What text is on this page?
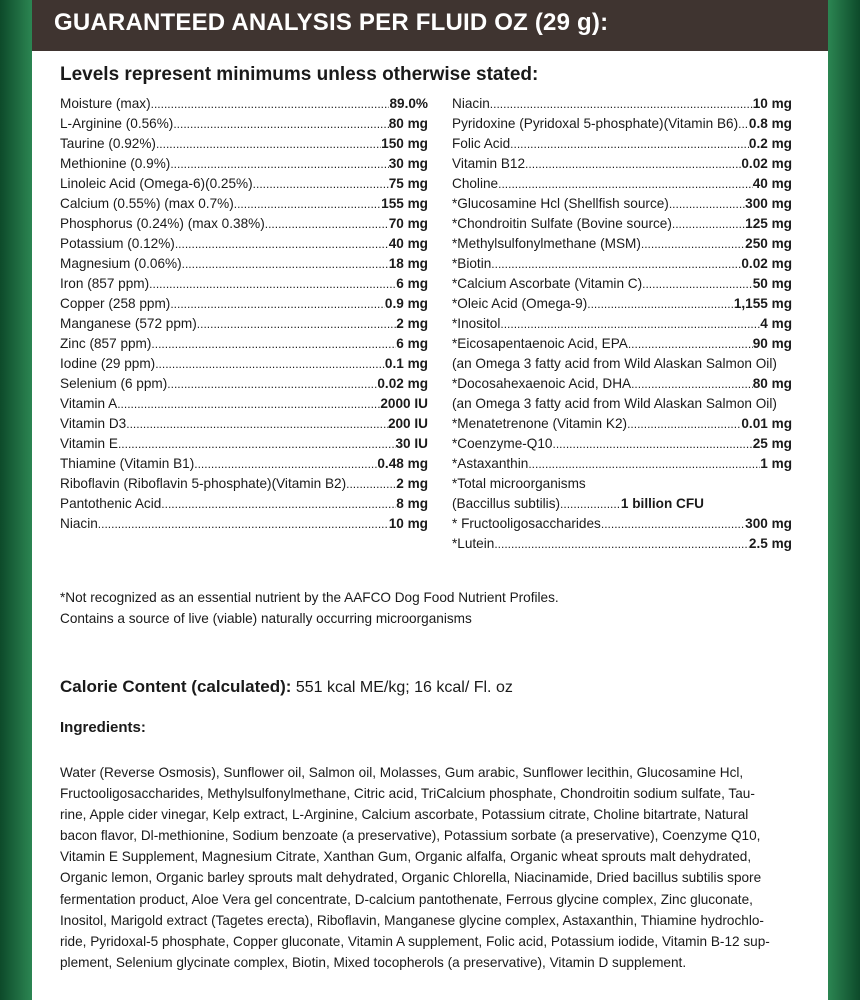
GUARANTEED ANALYSIS PER FLUID OZ (29 g):
Levels represent minimums unless otherwise stated:
Moisture (max) .....	89.0%
L-Arginine (0.56%) .....	80 mg
Taurine (0.92%) .....	150 mg
Methionine (0.9%) .....	30 mg
Linoleic Acid (Omega-6)(0.25%) .....	75 mg
Calcium (0.55%) (max 0.7%) .....	155 mg
Phosphorus (0.24%) (max 0.38%) .....	70 mg
Potassium (0.12%) .....	40 mg
Magnesium (0.06%) .....	18 mg
Iron (857 ppm) .....	6 mg
Copper (258 ppm) .....	0.9 mg
Manganese (572 ppm) .....	2 mg
Zinc (857 ppm) .....	6 mg
Iodine (29 ppm) .....	0.1 mg
Selenium (6 ppm) .....	0.02 mg
Vitamin A .....	2000 IU
Vitamin D3 .....	200 IU
Vitamin E .....	30 IU
Thiamine (Vitamin B1) .....	0.48 mg
Riboflavin (Riboflavin 5-phosphate)(Vitamin B2) .....	2 mg
Pantothenic Acid .....	8 mg
Niacin .....	10 mg
Niacin .....	10 mg
Pyridoxine (Pyridoxal 5-phosphate)(Vitamin B6) ..... 0.8 mg
Folic Acid .....	0.2 mg
Vitamin B12 .....	0.02 mg
Choline .....	40 mg
*Glucosamine Hcl (Shellfish source) .....	300 mg
*Chondroitin Sulfate (Bovine source) .....	125 mg
*Methylsulfonylmethane (MSM) .....	250 mg
*Biotin .....	0.02 mg
*Calcium Ascorbate (Vitamin C) .....	50 mg
*Oleic Acid (Omega-9) .....	1,155 mg
*Inositol .....	4 mg
*Eicosapentaenoic Acid, EPA .....	90 mg
(an Omega 3 fatty acid from Wild Alaskan Salmon Oil)
*Docosahexaenoic Acid, DHA .....	80 mg
(an Omega 3 fatty acid from Wild Alaskan Salmon Oil)
*Menatetrenone (Vitamin K2) .....	0.01 mg
*Coenzyme-Q10 .....	25 mg
*Astaxanthin .....	1 mg
*Total microorganisms
(Baccillus subtilis) .....	1 billion CFU
* Fructooligosaccharides .....	300 mg
*Lutein .....	2.5 mg
*Not recognized as an essential nutrient by the AAFCO Dog Food Nutrient Profiles.
Contains a source of live (viable) naturally occurring microorganisms
Calorie Content (calculated): 551 kcal ME/kg; 16 kcal/ Fl. oz
Ingredients:
Water (Reverse Osmosis), Sunflower oil, Salmon oil, Molasses, Gum arabic, Sunflower lecithin, Glucosamine Hcl,
Fructooligosaccharides, Methylsulfonylmethane, Citric acid, TriCalcium phosphate, Chondroitin sodium sulfate, Tau-
rine, Apple cider vinegar, Kelp extract, L-Arginine, Calcium ascorbate, Potassium citrate, Choline bitartrate, Natural
bacon flavor, Dl-methionine, Sodium benzoate (a preservative), Potassium sorbate (a preservative), Coenzyme Q10,
Vitamin E Supplement, Magnesium Citrate, Xanthan Gum, Organic alfalfa, Organic wheat sprouts malt dehydrated,
Organic lemon, Organic barley sprouts malt dehydrated, Organic Chlorella, Niacinamide, Dried bacillus subtilis spore
fermentation product, Aloe Vera gel concentrate, D-calcium pantothenate, Ferrous glycine complex, Zinc gluconate,
Inositol, Marigold extract (Tagetes erecta), Riboflavin, Manganese glycine complex, Astaxanthin, Thiamine hydrochlo-
ride, Pyridoxal-5 phosphate, Copper gluconate, Vitamin A supplement, Folic acid, Potassium iodide, Vitamin B-12 sup-
plement, Selenium glycinate complex, Biotin, Mixed tocopherols (a preservative), Vitamin D supplement.
